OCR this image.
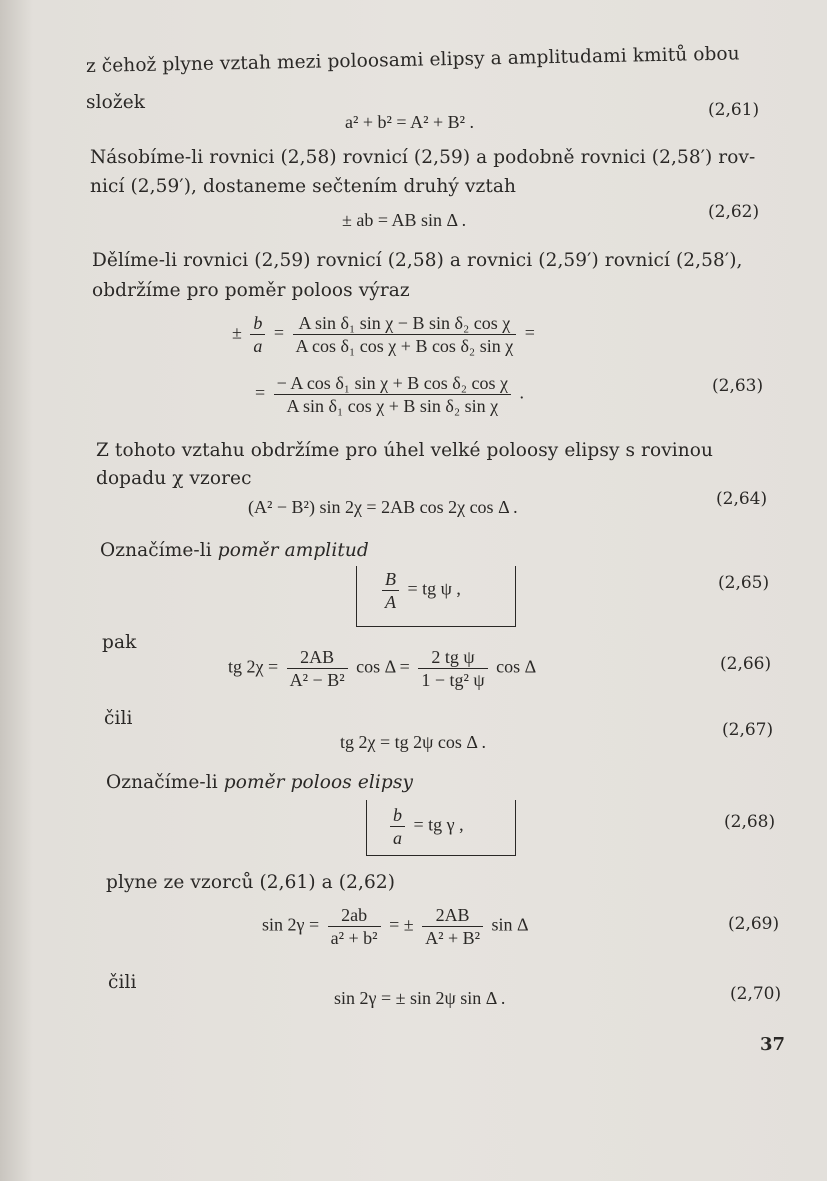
z čehož plyne vztah mezi poloosami elipsy a amplitudami kmitů obou
složek
a² + b² = A² + B² .
(2,61)
Násobíme-li rovnici (2,58) rovnicí (2,59) a podobně rovnici (2,58′) rov-
nicí (2,59′), dostaneme sečtením druhý vztah
± ab = AB sin Δ .	(2,62)
Dělíme-li rovnici (2,59) rovnicí (2,58) a rovnici (2,59′) rovnicí (2,58′),
obdržíme pro poměr poloos výraz
± $\frac{b}{a} = \frac{\text{A sin δ₁ sin χ − B sin δ₂ cos χ}}{\text{A cos δ₁ cos χ + B cos δ₂ sin χ}}$ =
= $\frac{\text{− A cos δ₁ sin χ + B cos δ₂ cos χ}}{\text{A sin δ₁ cos χ + B sin δ₂ sin χ}}$ .	(2,63)
Z tohoto vztahu obdržíme pro úhel velké poloosy elipsy s rovinou
dopadu χ vzorec
(A² − B²) sin 2χ = 2AB cos 2χ cos Δ .	(2,64)
Označíme-li poměr amplitud
$\frac{B}{A}$ = tg ψ ,	(2,65)
pak
tg $2\chi = \frac{2AB}{\text{A² − B²}}$ $\cos \Delta = \frac{\text{2 tg ψ}}{\text{1 − tg² ψ}}$ cos Δ	(2,66)
čili
tg 2χ = tg 2ψ cos Δ .
(2,67)
Označíme-li poměr poloos elipsy
$\frac{b}{a}$ = tg γ ,	(2,68)
plyne ze vzorců (2,61) a (2,62)
$\sin 2\gamma = \frac{2ab}{\text{a² + b²}}$ = ± $\frac{2AB}{\text{A² + B²}}$ sin Δ	(2,69)
čili
sin 2γ = ± sin 2ψ sin Δ .	(2,70)
37
